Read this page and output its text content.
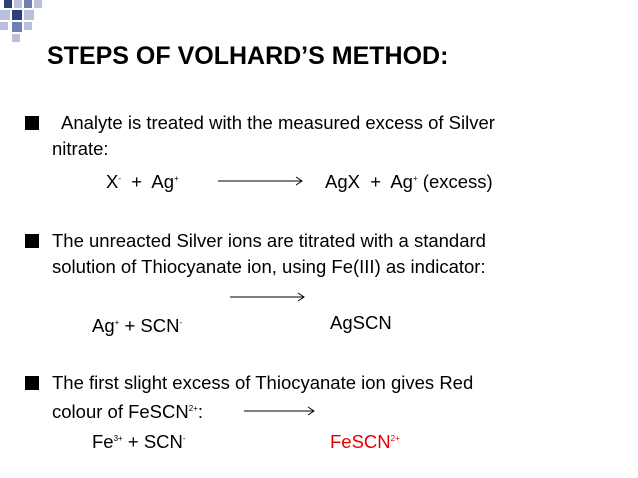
STEPS OF VOLHARD’S METHOD:
Analyte is treated with the measured excess of Silver
nitrate:
X- + Ag+	AgX + Ag+ (excess)
The unreacted Silver ions are titrated with a standard
solution of Thiocyanate ion, using Fe(III) as indicator:
Ag+ + SCN-	AgSCN
The first slight excess of Thiocyanate ion gives Red
colour of FeSCN$^{2+}$:
$Fe^{3+} + SCN^-$	FeSCN$^{2+}$
